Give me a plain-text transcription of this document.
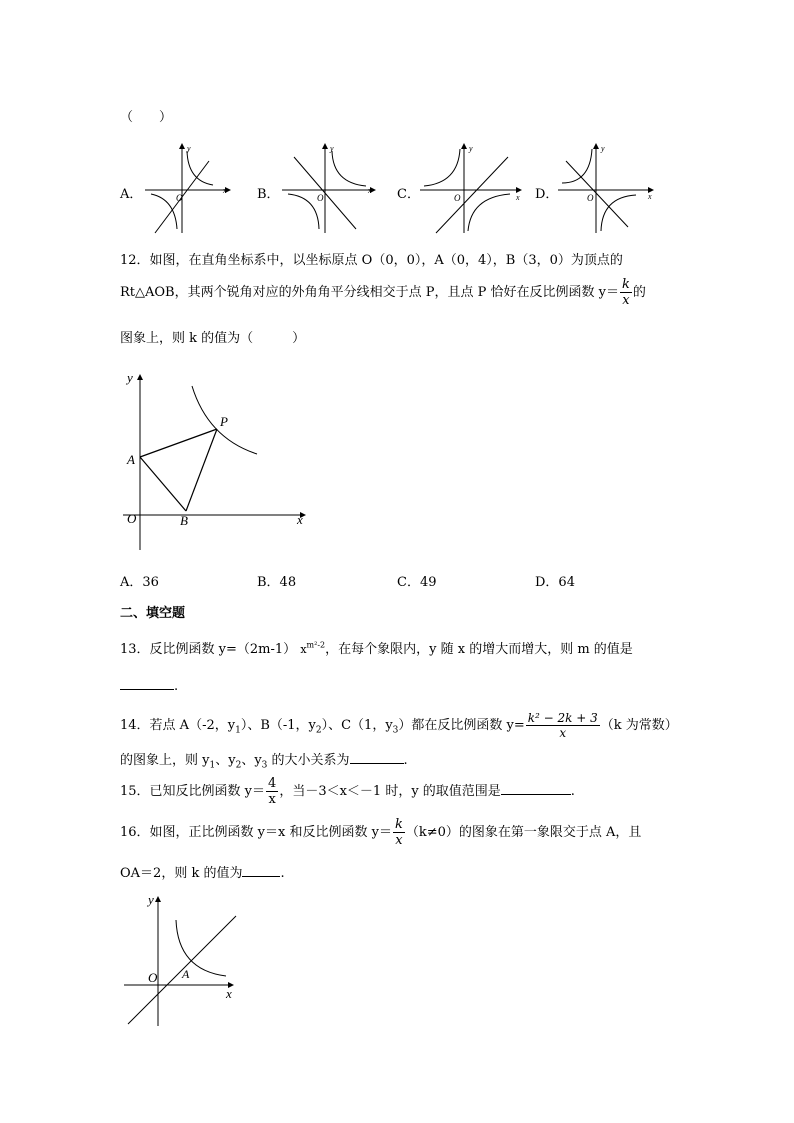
（　　）
A．
y
x
O	B．
y
x
O	C．
y
x
O	D．
y
x
O
12．如图，在直角坐标系中，以坐标原点 O（0，0），A（0，4），B（3，0）为顶点的
Rt△AOB，其两个锐角对应的外角角平分线相交于点 P，且点 P 恰好在反比例函数 $y= \frac{k}{x}$ 的
图象上，则 k 的值为（　　　）
y
x
O
A
B
P
A．36	B．48	C．49	D．64
二、填空题
13．反比例函数 y=（2m-1） $x^{m^2-2}$，在每个象限内，y 随 x 的增大而增大，则 m 的值是
.
14．若点 A（-2，$y_1$）、B（-1，$y_2$）、C（1，$y_3$）都在反比例函数 $y= \frac{\text{k² − 2k + 3}}{x} (k$ 为常数）
的图象上，则 $y_1$、$y_2$、$y_3$ 的大小关系为	.
15．已知反比例函数 $y= \frac{4}{x}$ ，当－3＜x＜－1 时，y 的取值范围是	.
16．如图，正比例函数 y＝x 和反比例函数 $y= \frac{k}{x} (k\ne 0)$的图象在第一象限交于点 A，且
OA＝2，则 k 的值为	.
y
x
O A
